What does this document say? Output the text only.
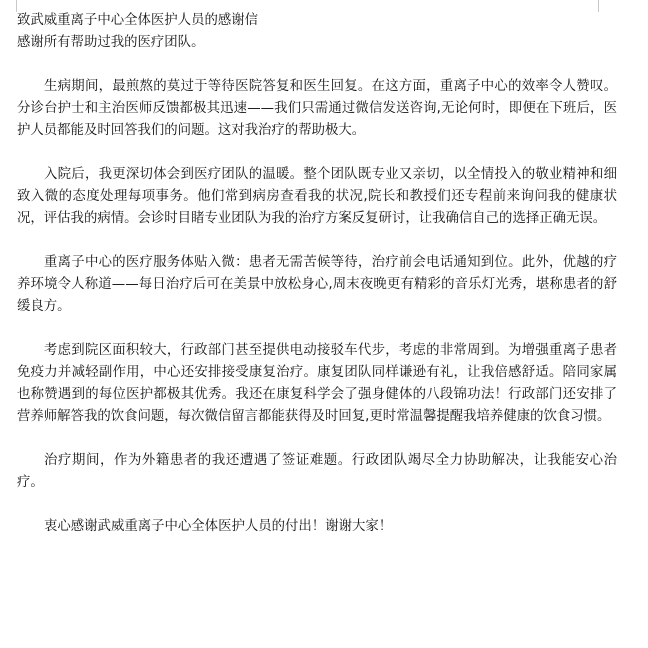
致武威重离子中心全体医护人员的感谢信

感谢所有帮助过我的医疗团队。

生病期间，最煎熬的莫过于等待医院答复和医生回复。在这方面，重离子中心的效率令人赞叹。分诊台护士和主治医师反馈都极其迅速——我们只需通过微信发送咨询,无论何时，即便在下班后，医护人员都能及时回答我们的问题。这对我治疗的帮助极大。

入院后，我更深切体会到医疗团队的温暖。整个团队既专业又亲切，以全情投入的敬业精神和细致入微的态度处理每项事务。他们常到病房查看我的状况,院长和教授们还专程前来询问我的健康状况，评估我的病情。会诊时目睹专业团队为我的治疗方案反复研讨，让我确信自己的选择正确无误。

重离子中心的医疗服务体贴入微：患者无需苦候等待，治疗前会电话通知到位。此外，优越的疗养环境令人称道——每日治疗后可在美景中放松身心,周末夜晚更有精彩的音乐灯光秀，堪称患者的舒缓良方。

考虑到院区面积较大，行政部门甚至提供电动接驳车代步，考虑的非常周到。为增强重离子患者免疫力并减轻副作用，中心还安排接受康复治疗。康复团队同样谦逊有礼，让我倍感舒适。陪同家属也称赞遇到的每位医护都极其优秀。我还在康复科学会了强身健体的八段锦功法！行政部门还安排了营养师解答我的饮食问题，每次微信留言都能获得及时回复,更时常温馨提醒我培养健康的饮食习惯。

治疗期间，作为外籍患者的我还遭遇了签证难题。行政团队竭尽全力协助解决，让我能安心治疗。

衷心感谢武威重离子中心全体医护人员的付出！谢谢大家！
